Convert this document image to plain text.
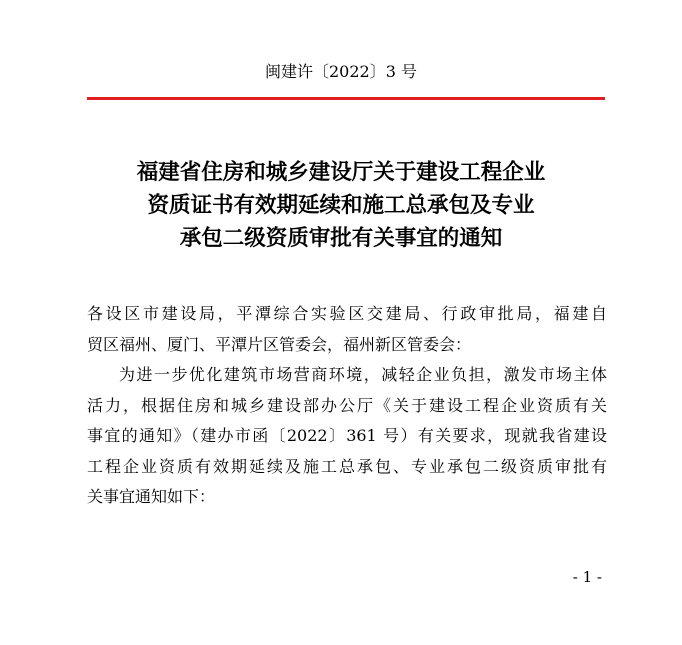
闽建许〔2022〕3 号
福建省住房和城乡建设厅关于建设工程企业
资质证书有效期延续和施工总承包及专业
承包二级资质审批有关事宜的通知
各设区市建设局，平潭综合实验区交建局、行政审批局，福建自
贸区福州、厦门、平潭片区管委会，福州新区管委会：
为进一步优化建筑市场营商环境，减轻企业负担，激发市场主体
活力，根据住房和城乡建设部办公厅《关于建设工程企业资质有关
事宜的通知》（建办市函〔2022〕361 号）有关要求，现就我省建设
工程企业资质有效期延续及施工总承包、专业承包二级资质审批有
关事宜通知如下：
- 1 -
